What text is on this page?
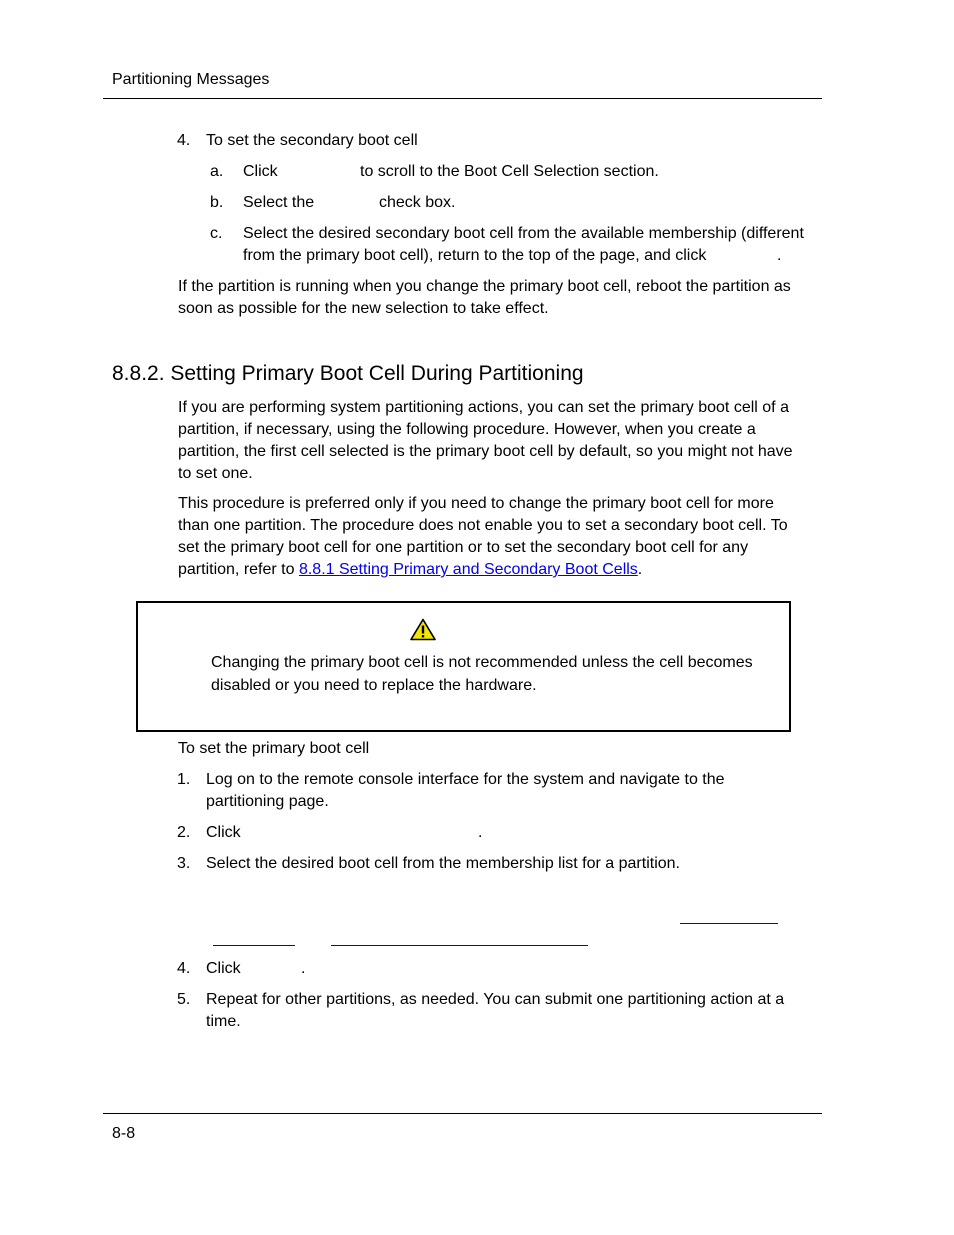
Partitioning Messages
4. To set the secondary boot cell
a. Click	to scroll to the Boot Cell Selection section.
b. Select the	check box.
c. Select the desired secondary boot cell from the available membership (different
from the primary boot cell), return to the top of the page, and click	.
If the partition is running when you change the primary boot cell, reboot the partition as
soon as possible for the new selection to take effect.
8.8.2. Setting Primary Boot Cell During Partitioning
If you are performing system partitioning actions, you can set the primary boot cell of a
partition, if necessary, using the following procedure. However, when you create a
partition, the first cell selected is the primary boot cell by default, so you might not have
to set one.
This procedure is preferred only if you need to change the primary boot cell for more
than one partition. The procedure does not enable you to set a secondary boot cell. To
set the primary boot cell for one partition or to set the secondary boot cell for any
partition, refer to 8.8.1 Setting Primary and Secondary Boot Cells.
Changing the primary boot cell is not recommended unless the cell becomes
disabled or you need to replace the hardware.
To set the primary boot cell
1. Log on to the remote console interface for the system and navigate to the
partitioning page.
2. Click	.
3. Select the desired boot cell from the membership list for a partition.
4. Click	.
5. Repeat for other partitions, as needed. You can submit one partitioning action at a
time.
8-8
